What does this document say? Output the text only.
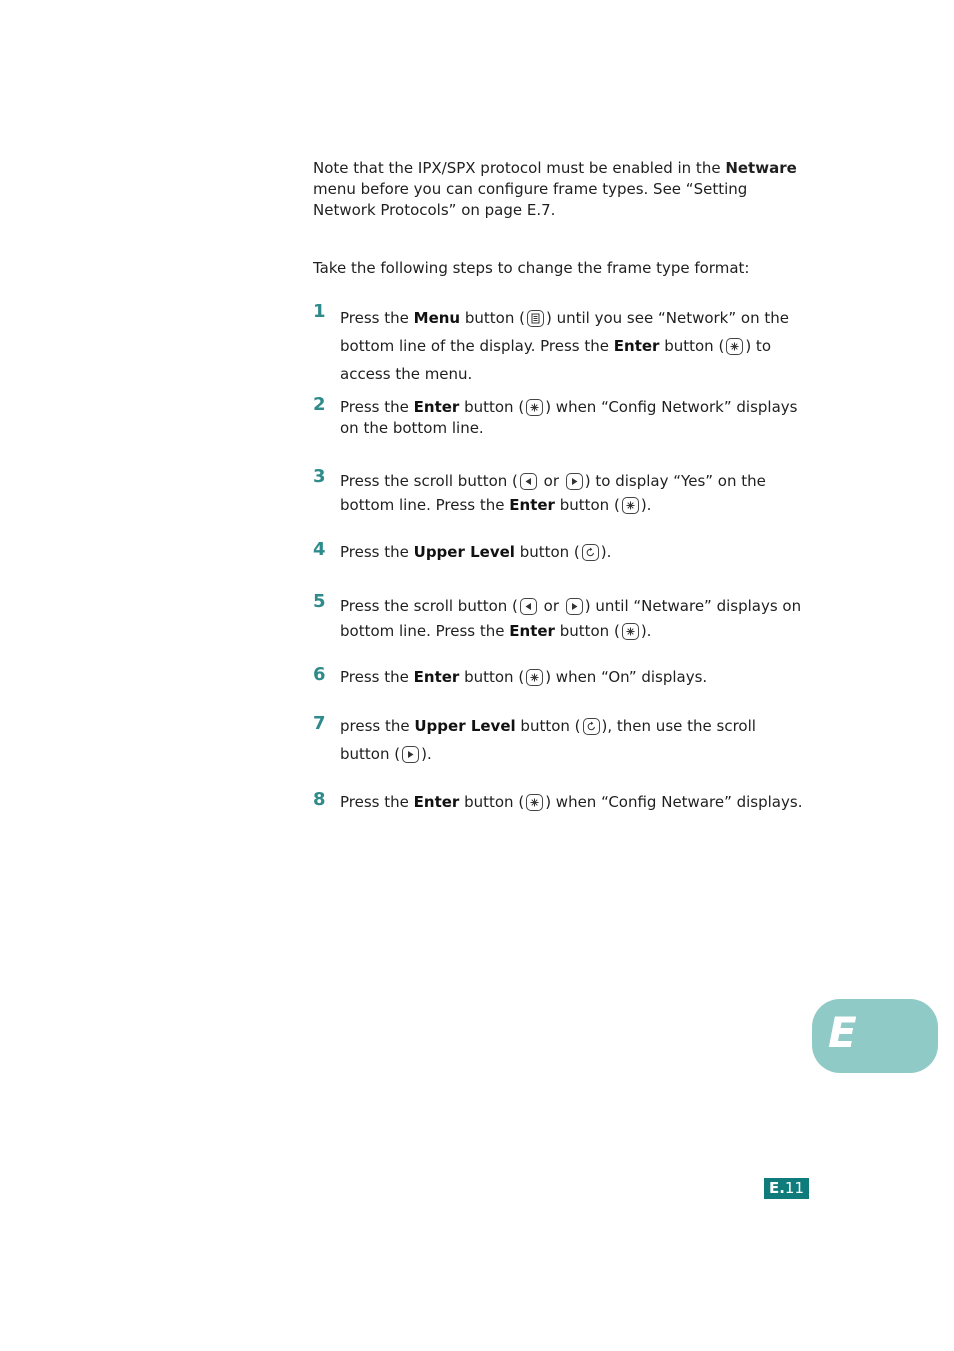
Note that the IPX/SPX protocol must be enabled in the Netware menu before you can configure frame types. See “Setting Network Protocols” on page E.7.

Take the following steps to change the frame type format:

1 Press the Menu button ( ) until you see “Network” on the bottom line of the display. Press the Enter button ( ) to access the menu.

2 Press the Enter button ( ) when “Config Network” displays on the bottom line.

3 Press the scroll button (
or
) to display “Yes” on the bottom line. Press the Enter button ( ).

4 Press the Upper Level button ( ).

5 Press the scroll button (
or
) until “Netware” displays on bottom line. Press the Enter button ( ).

6 Press the Enter button ( ) when “On” displays.

7 press the Upper Level button ( ), then use the scroll button ( ).

8 Press the Enter button ( ) when “Config Netware” displays.

E
E.11
